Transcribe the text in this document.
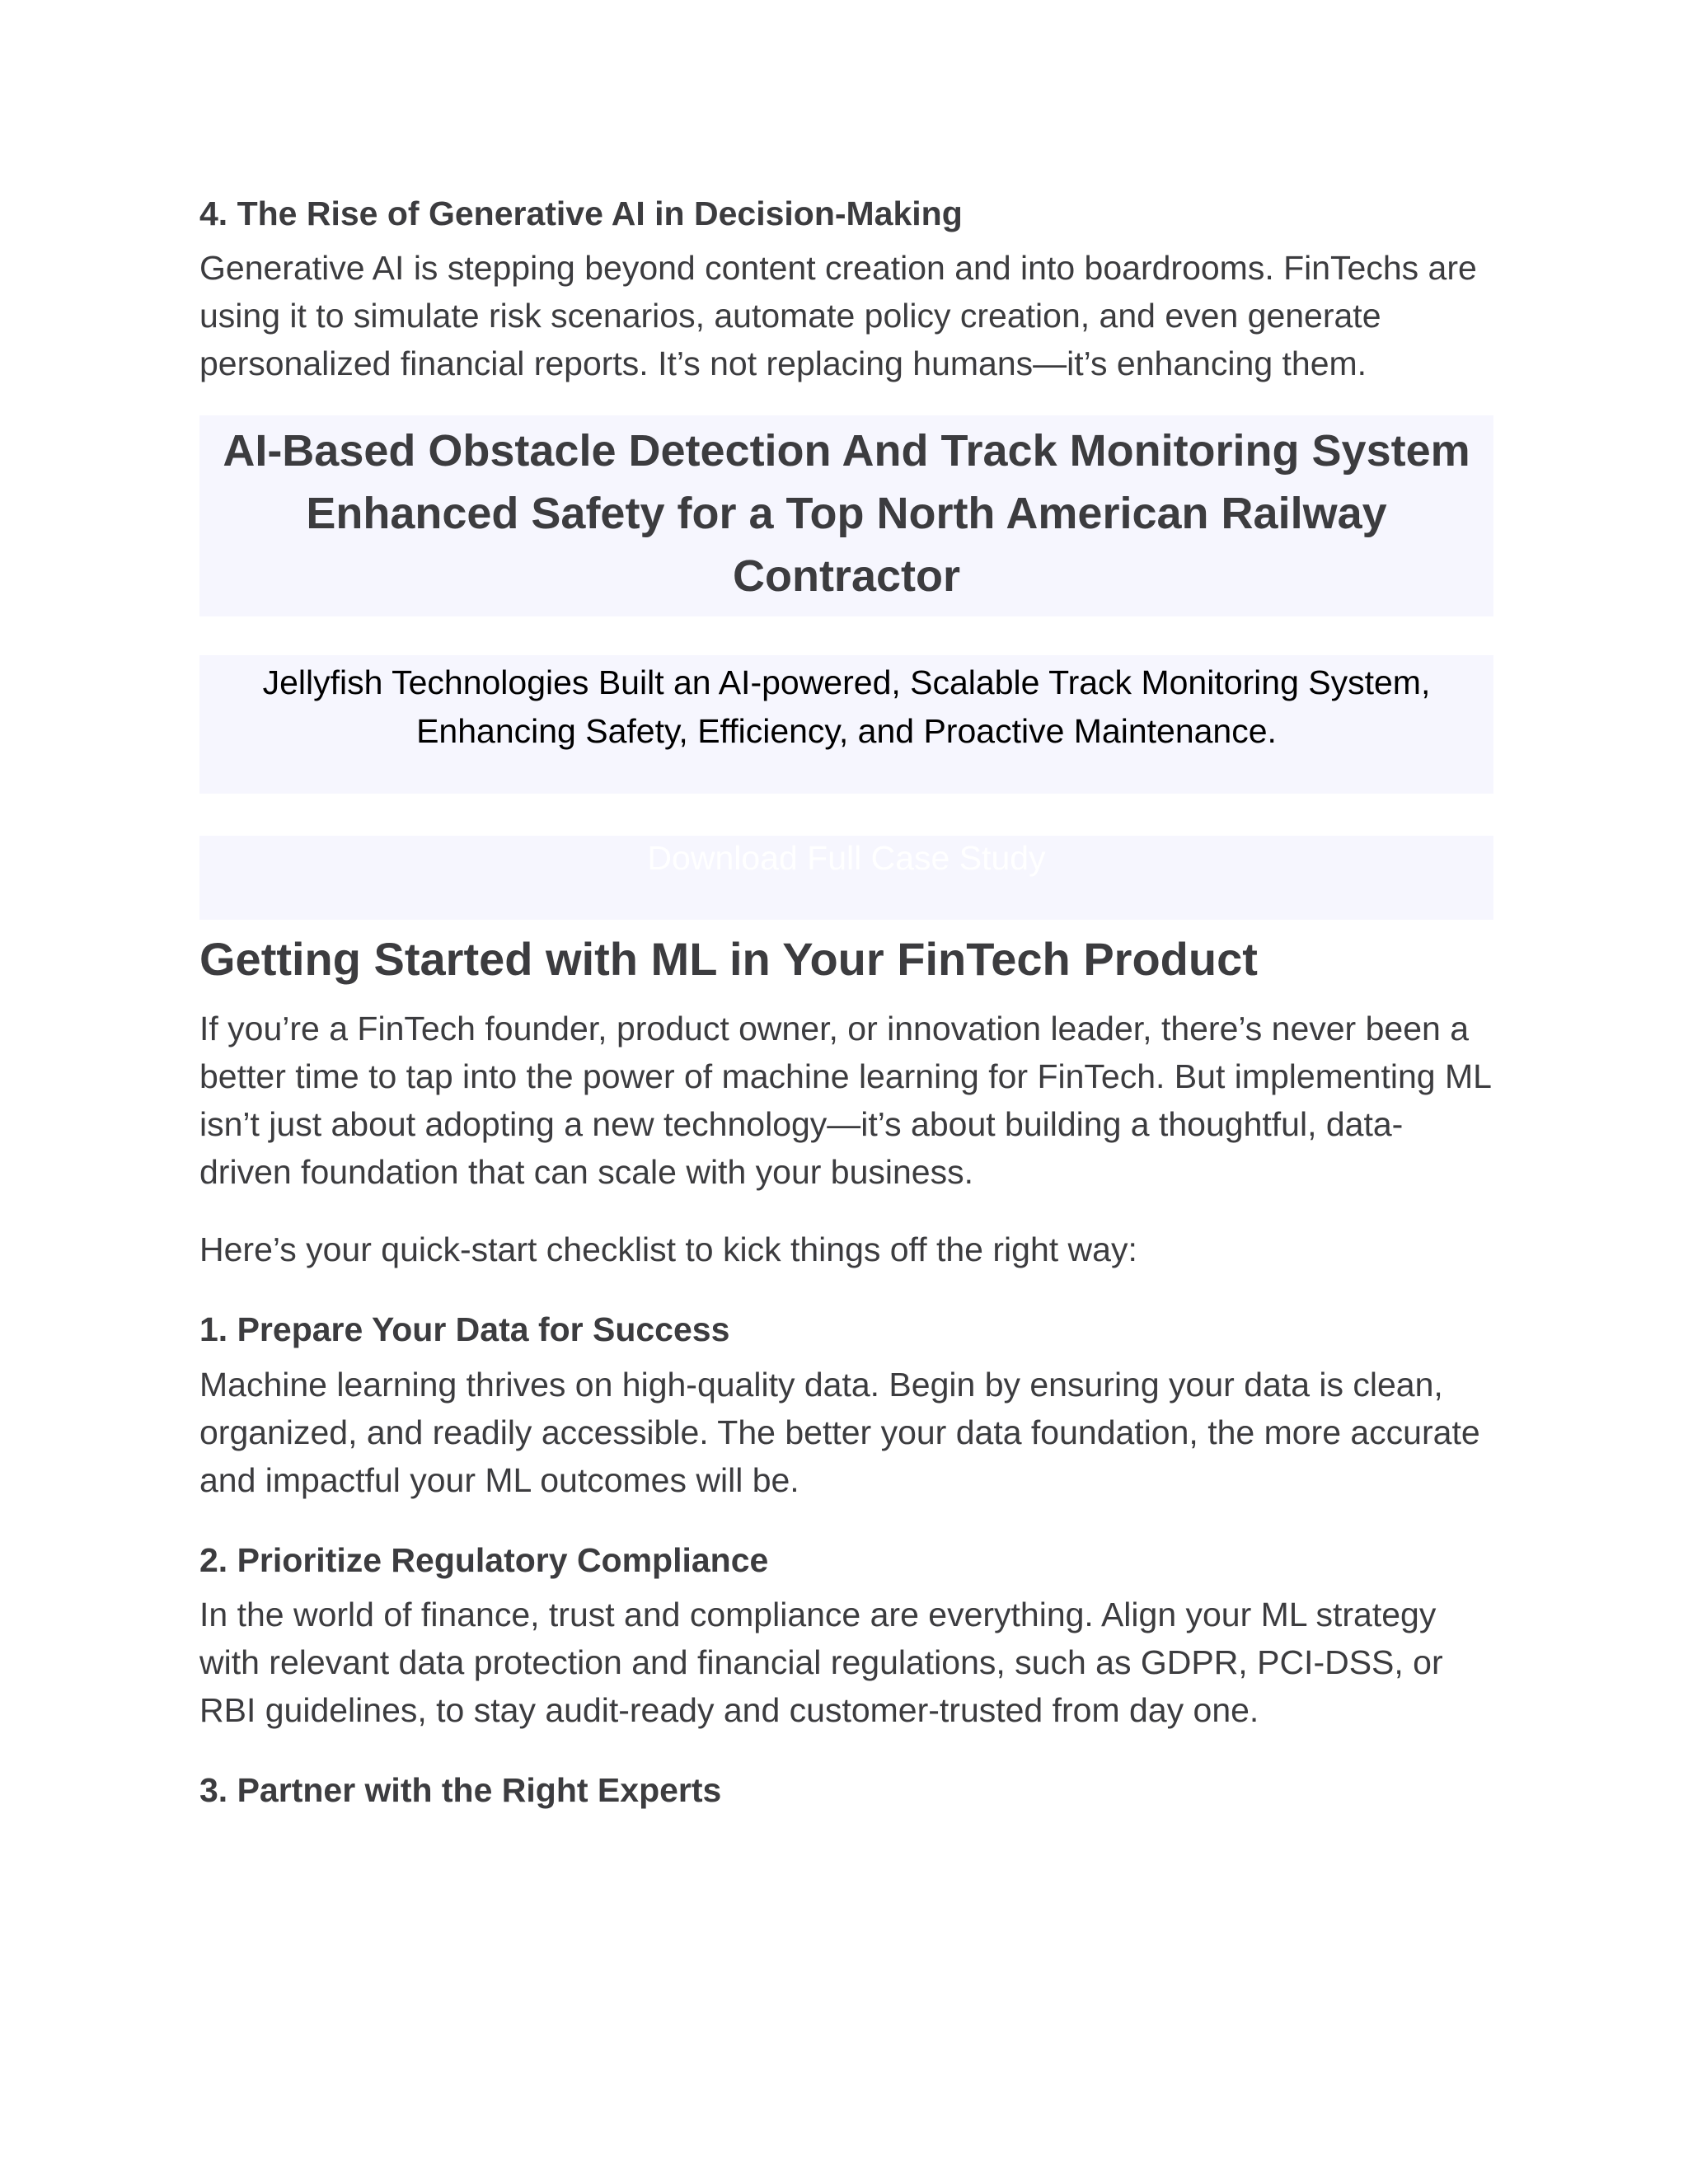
4. The Rise of Generative AI in Decision-Making

Generative AI is stepping beyond content creation and into boardrooms. FinTechs are using it to simulate risk scenarios, automate policy creation, and even generate personalized financial reports. It’s not replacing humans—it’s enhancing them.

AI-Based Obstacle Detection And Track Monitoring System
Enhanced Safety for a Top North American Railway Contractor
Jellyfish Technologies Built an AI-powered, Scalable Track Monitoring System, Enhancing Safety, Efficiency, and Proactive Maintenance.
Download Full Case Study
Getting Started with ML in Your FinTech Product

If you’re a FinTech founder, product owner, or innovation leader, there’s never been a better time to tap into the power of machine learning for FinTech. But implementing ML isn’t just about adopting a new technology—it’s about building a thoughtful, data-driven foundation that can scale with your business.

Here’s your quick-start checklist to kick things off the right way:

1. Prepare Your Data for Success

Machine learning thrives on high-quality data. Begin by ensuring your data is clean, organized, and readily accessible. The better your data foundation, the more accurate and impactful your ML outcomes will be.

2. Prioritize Regulatory Compliance

In the world of finance, trust and compliance are everything. Align your ML strategy with relevant data protection and financial regulations, such as GDPR, PCI-DSS, or RBI guidelines, to stay audit-ready and customer-trusted from day one.

3. Partner with the Right Experts
